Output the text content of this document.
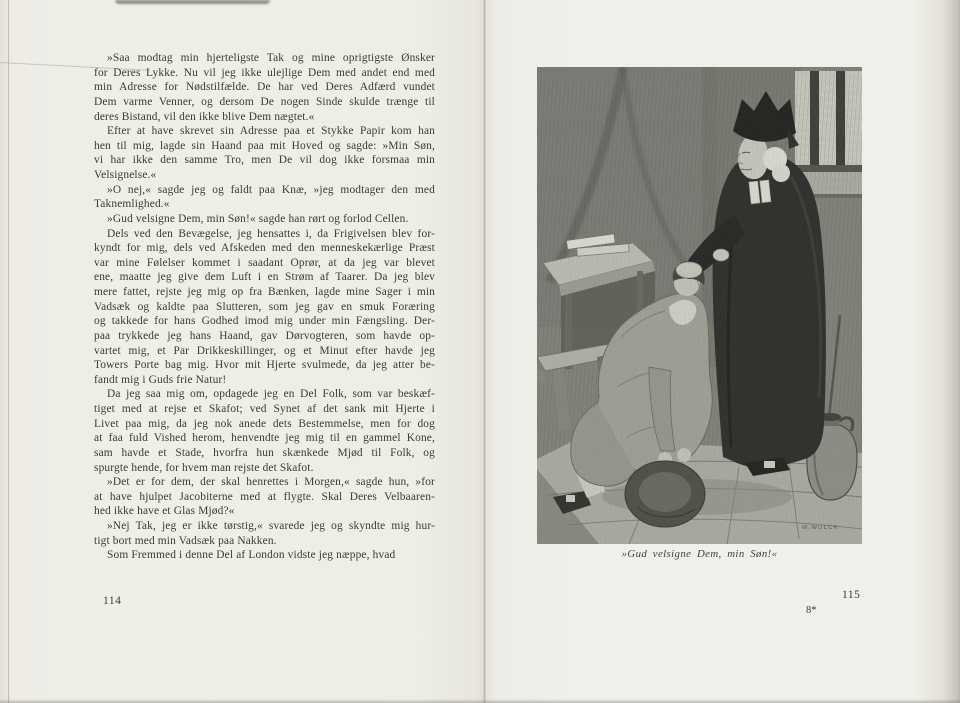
»Saa modtag min hjerteligste Tak og mine oprigtigste Ønsker
for Deres Lykke. Nu vil jeg ikke ulejlige Dem med andet end med
min Adresse for Nødstilfælde. De har ved Deres Adfærd vundet
Dem varme Venner, og dersom De nogen Sinde skulde trænge til
deres Bistand, vil den ikke blive Dem nægtet.«
Efter at have skrevet sin Adresse paa et Stykke Papir kom han
hen til mig, lagde sin Haand paa mit Hoved og sagde: »Min Søn,
vi har ikke den samme Tro, men De vil dog ikke forsmaa min
Velsignelse.«
»O nej,« sagde jeg og faldt paa Knæ, »jeg modtager den med
Taknemlighed.«
»Gud velsigne Dem, min Søn!« sagde han rørt og forlod Cellen.
Dels ved den Bevægelse, jeg hensattes i, da Frigivelsen blev for-
kyndt for mig, dels ved Afskeden med den menneskekærlige Præst
var mine Følelser kommet i saadant Oprør, at da jeg var blevet
ene, maatte jeg give dem Luft i en Strøm af Taarer. Da jeg blev
mere fattet, rejste jeg mig op fra Bænken, lagde mine Sager i min
Vadsæk og kaldte paa Slutteren, som jeg gav en smuk Foræring
og takkede for hans Godhed imod mig under min Fængsling. Der-
paa trykkede jeg hans Haand, gav Dørvogteren, som havde op-
vartet mig, et Par Drikkeskillinger, og et Minut efter havde jeg
Towers Porte bag mig. Hvor mit Hjerte svulmede, da jeg atter be-
fandt mig i Guds frie Natur!
Da jeg saa mig om, opdagede jeg en Del Folk, som var beskæf-
tiget med at rejse et Skafot; ved Synet af det sank mit Hjerte i
Livet paa mig, da jeg nok anede dets Bestemmelse, men for dog
at faa fuld Vished herom, henvendte jeg mig til en gammel Kone,
sam havde et Stade, hvorfra hun skænkede Mjød til Folk, og
spurgte hende, for hvem man rejste det Skafot.
»Det er for dem, der skal henrettes i Morgen,« sagde hun, »for
at have hjulpet Jacobiterne med at flygte. Skal Deres Velbaaren-
hed ikke have et Glas Mjød?«
»Nej Tak, jeg er ikke tørstig,« svarede jeg og skyndte mig hur-
tigt bort med min Vadsæk paa Nakken.
Som Fremmed i denne Del af London vidste jeg næppe, hvad
114
»Gud velsigne Dem, min Søn!«
115
8*
